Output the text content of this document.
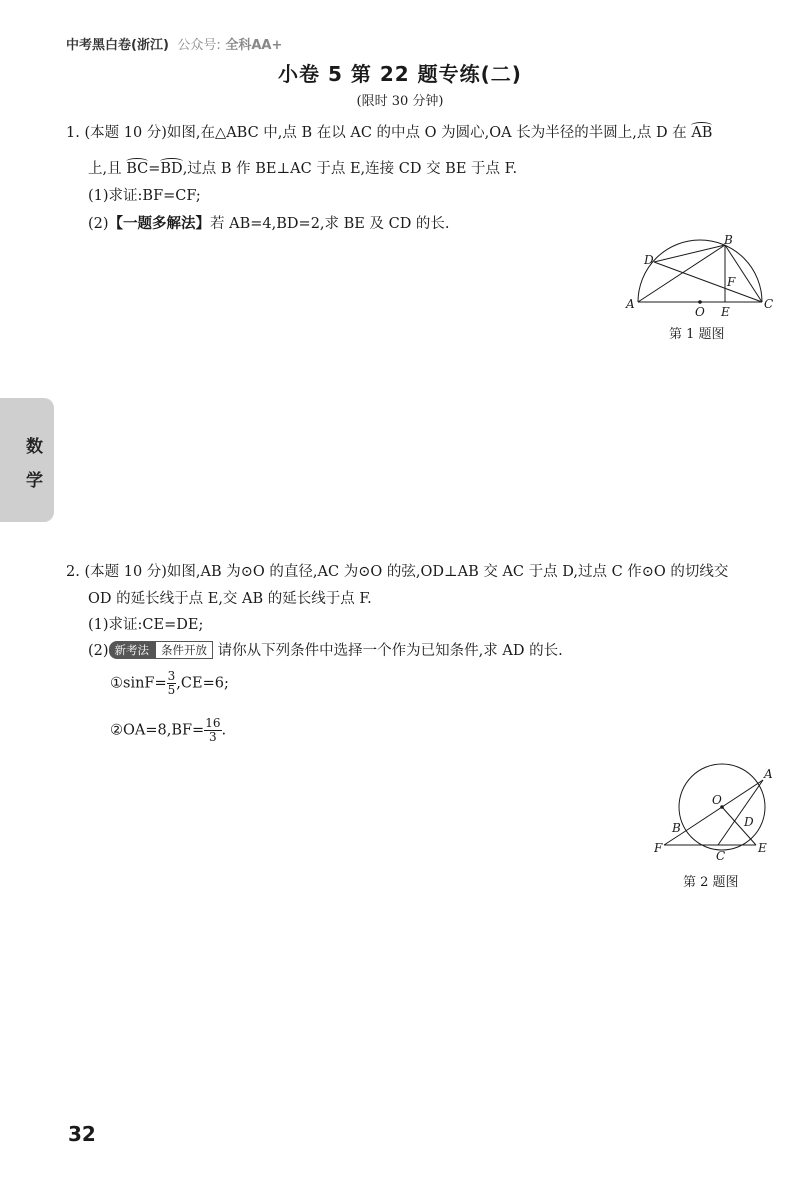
中考黑白卷(浙江) 公众号: 全科AA+
小卷 5 第 22 题专练(二)
(限时 30 分钟)
数
学
1. (本题 10 分)如图,在△ABC 中,点 B 在以 AC 的中点 O 为圆心,OA 长为半径的半圆上,点 D 在 AB
上,且 BC=BD,过点 B 作 BE⊥AC 于点 E,连接 CD 交 BE 于点 F.
(1)求证:BF=CF;
(2)【一题多解法】若 AB=4,BD=2,求 BE 及 CD 的长.
A
B
C
D
E
F
O
第 1 题图
2. (本题 10 分)如图,AB 为⊙O 的直径,AC 为⊙O 的弦,OD⊥AB 交 AC 于点 D,过点 C 作⊙O 的切线交
OD 的延长线于点 E,交 AB 的延长线于点 F.
(1)求证:CE=DE;
(2) 新考法 条件开放 请你从下列条件中选择一个作为已知条件,求 AD 的长.
①sinF= $\frac{3}{5} ,CE=6$;
②OA=8,BF= $\frac{16}{3}$ .
A
B
C
D
E
F
O
第 2 题图
32
